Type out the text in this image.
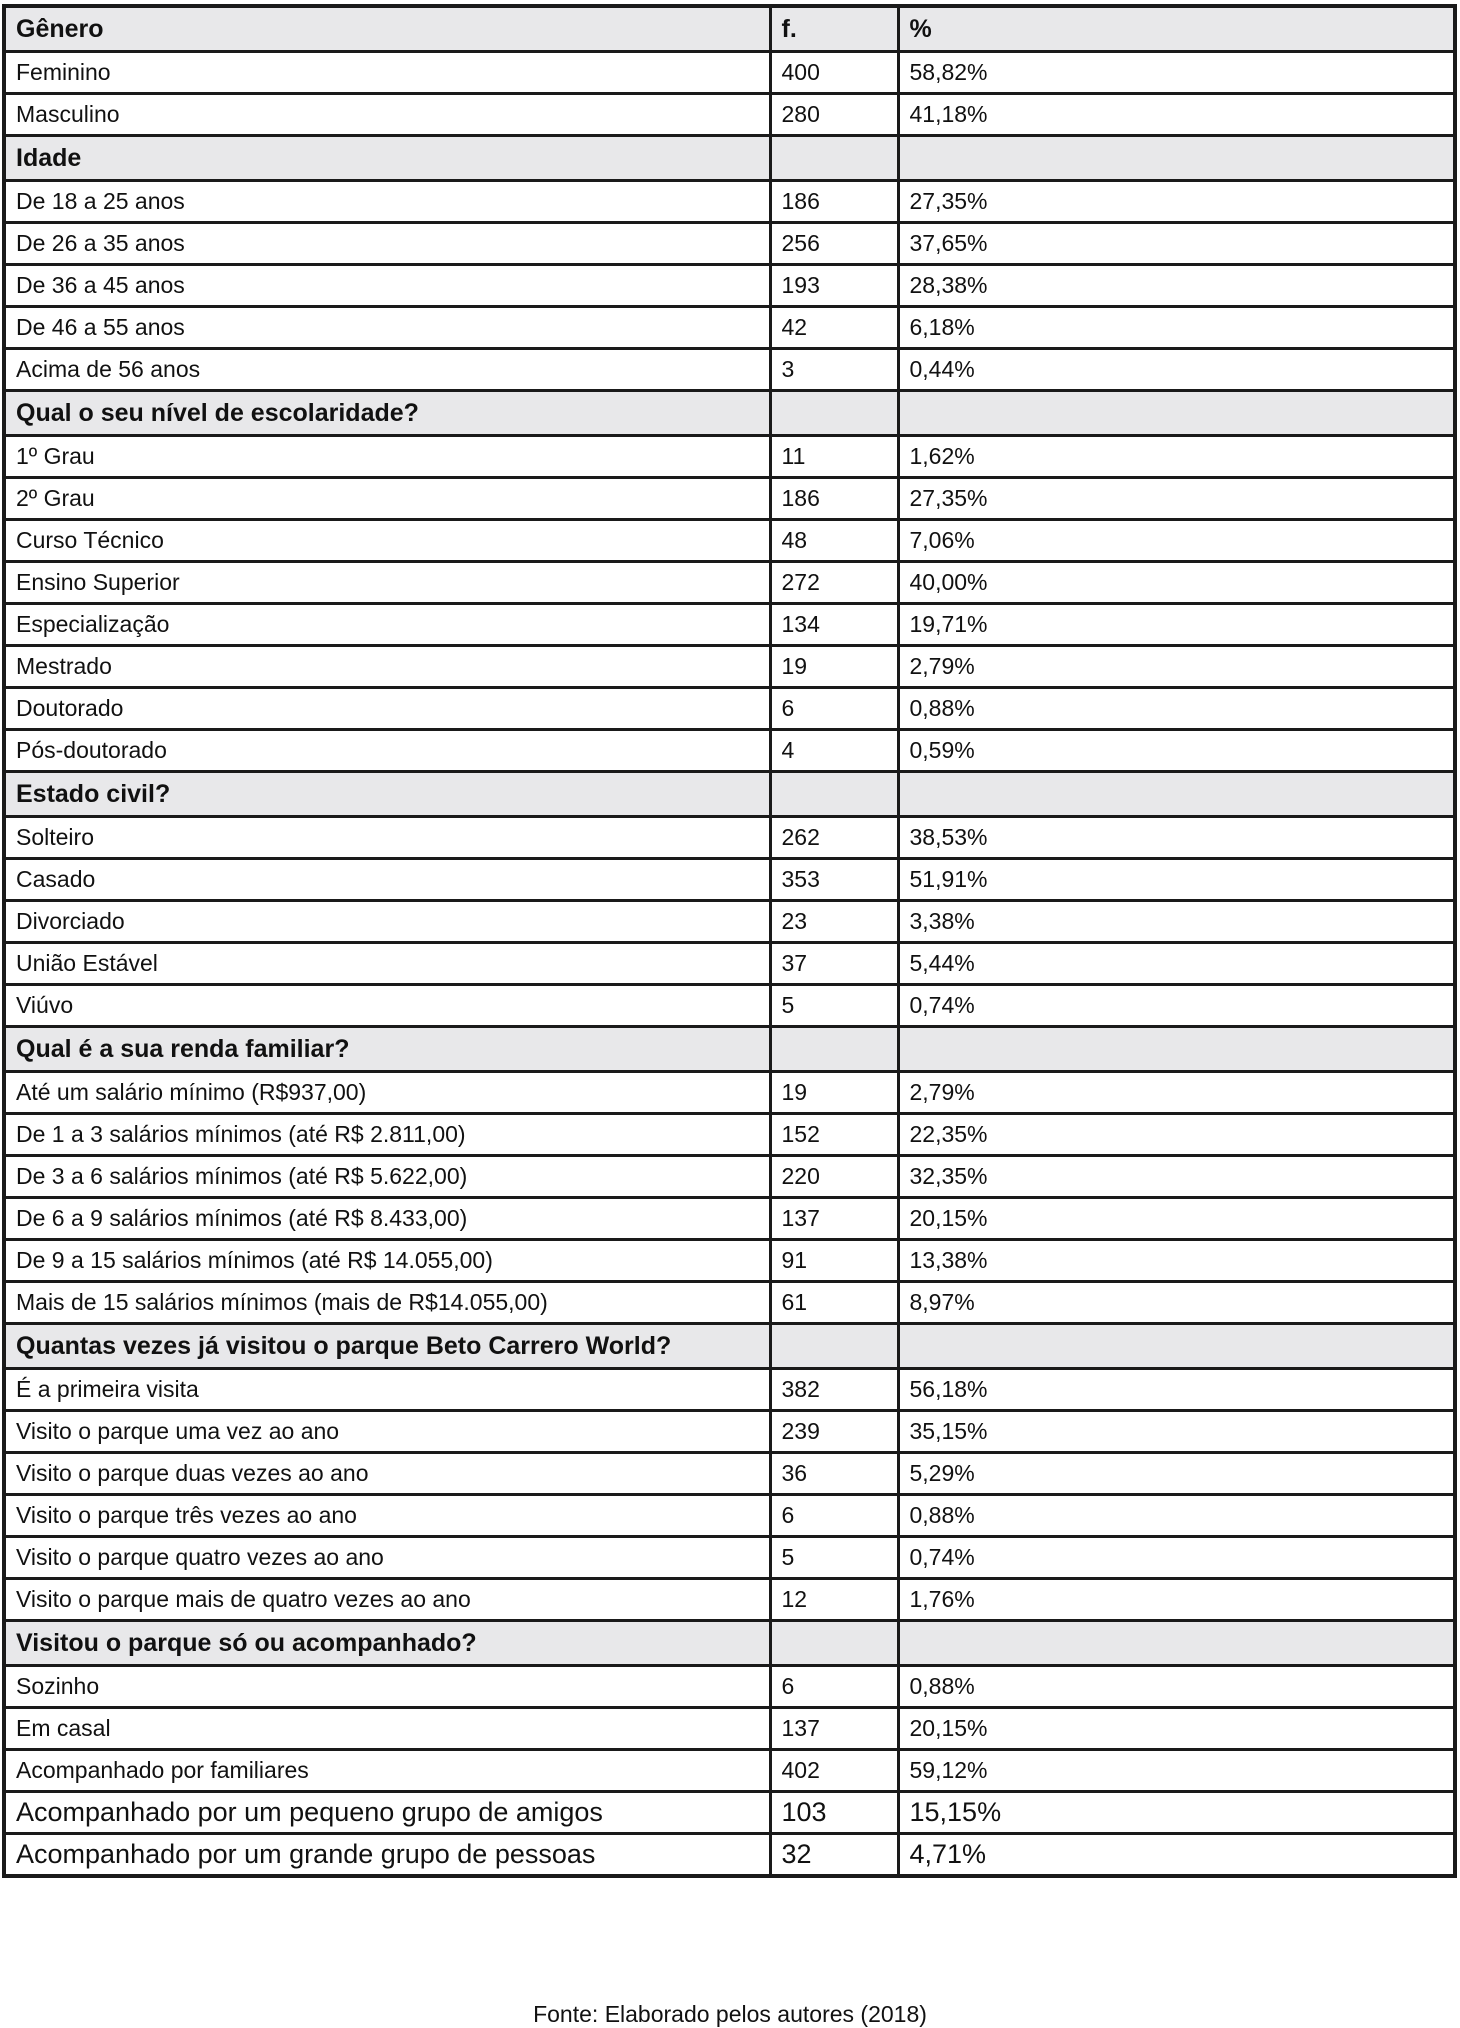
Gênero	f.	%
Feminino	400	58,82%
Masculino	280	41,18%
Idade		
De 18 a 25 anos	186	27,35%
De 26 a 35 anos	256	37,65%
De 36 a 45 anos	193	28,38%
De 46 a 55 anos	42	6,18%
Acima de 56 anos	3	0,44%
Qual o seu nível de escolaridade?		
1º Grau	11	1,62%
2º Grau	186	27,35%
Curso Técnico	48	7,06%
Ensino Superior	272	40,00%
Especialização	134	19,71%
Mestrado	19	2,79%
Doutorado	6	0,88%
Pós-doutorado	4	0,59%
Estado civil?		
Solteiro	262	38,53%
Casado	353	51,91%
Divorciado	23	3,38%
União Estável	37	5,44%
Viúvo	5	0,74%
Qual é a sua renda familiar?		
Até um salário mínimo (R$937,00)	19	2,79%
De 1 a 3 salários mínimos (até R$ 2.811,00)	152	22,35%
De 3 a 6 salários mínimos (até R$ 5.622,00)	220	32,35%
De 6 a 9 salários mínimos (até R$ 8.433,00)	137	20,15%
De 9 a 15 salários mínimos (até R$ 14.055,00)	91	13,38%
Mais de 15 salários mínimos (mais de R$14.055,00)	61	8,97%
Quantas vezes já visitou o parque Beto Carrero World?		
É a primeira visita	382	56,18%
Visito o parque uma vez ao ano	239	35,15%
Visito o parque duas vezes ao ano	36	5,29%
Visito o parque três vezes ao ano	6	0,88%
Visito o parque quatro vezes ao ano	5	0,74%
Visito o parque mais de quatro vezes ao ano	12	1,76%
Visitou o parque só ou acompanhado?		
Sozinho	6	0,88%
Em casal	137	20,15%
Acompanhado por familiares	402	59,12%
Acompanhado por um pequeno grupo de amigos	103	15,15%
Acompanhado por um grande grupo de pessoas	32	4,71%
Fonte: Elaborado pelos autores (2018)
